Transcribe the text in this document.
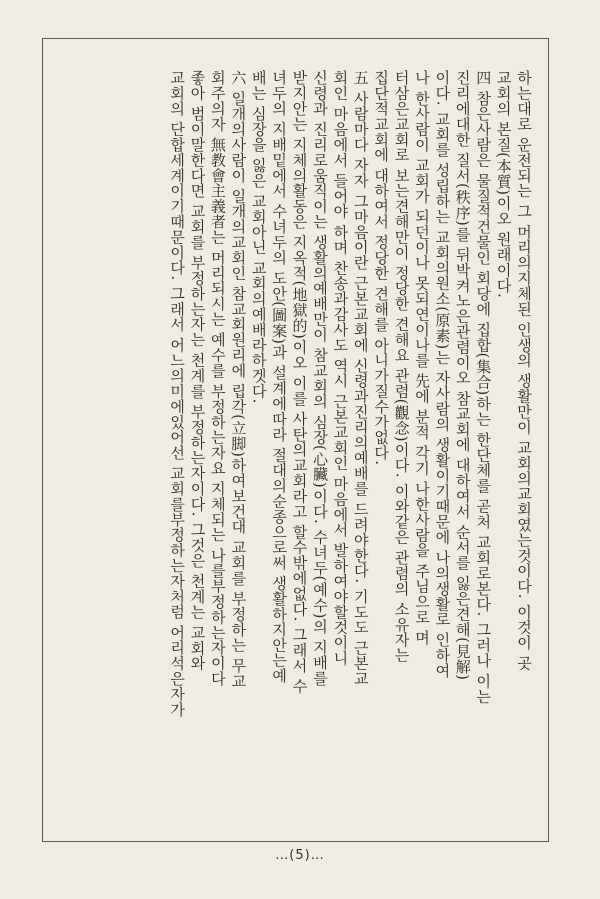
하는대로 운전되는 그 머리의지체된 인생의 생활만이 교회의교회였는것이다. 이것이 곳
교회의 본질(本質)이오 원래이다.
四 참은사람은 물질적건물인 회당에 집합(集合)하는 한단체를 곧처 교회로본다. 그러나 이는
진리에대한 질서(秩序)를 뒤박켜노은관렴이오 참교회에 대하여서 순서를 잃은견해(見解)
이다. 교회를 성립하는 교회의원소(原素)는 자사람의 생활이기때문에 나의생활로 인하여
나 한사람이 교회가 되던이나 못되연이나를 先에 분적 각기 나한사람을 주님으로 며
터삼은교회로 보는견해만이 정당한 견해요 관렴(觀念)이다. 이와같은 관렴의 소유자는
집단적교회에 대하여서 정당한 견해를 아니가질수가없다.
五 사람마다 자자 그마음이란 근본교회에 신령과진리의예배를 드려야한다. 기도도 근본교
회인 마음에서 들어야 하며 찬송과감사도 역시 근본교회인 마음에서 발하여야할것이니
신령과 진리로움직이는 생활의예배만이 참교회의 심장(心臟)이다. 수녀두(예수)의 지배를
받지안는 지체의활동은 지옥적(地獄的)이오 이를 사탄의교회라고 할수밖에없다. 그래서 수
녀두의 지배밑에서 수녀두의 도안(圖案)과 설계에따라 절대의순종으로써 생활하지안는예
배는 심장을 잃은 교회아닌 교회의예배라하겟다.
六 일개의사람이 일개의교회인 참교회원리에 립각(立脚)하여보건대 교회를 부정하는 무교
회주의자 無教會主義者는 머리되시는 예수를 부정하는자요 지체되는 나를부정하는자이다
좋아 범이말한다면 교회를 부정하는자는 천계를 부정하는자이다. 그것은 천계는 교회와
교회의 단합세계이기때문이다. 그래서 어느의미에있어선 교회를부정하는자처럼 어리석은자가
…(5)…
